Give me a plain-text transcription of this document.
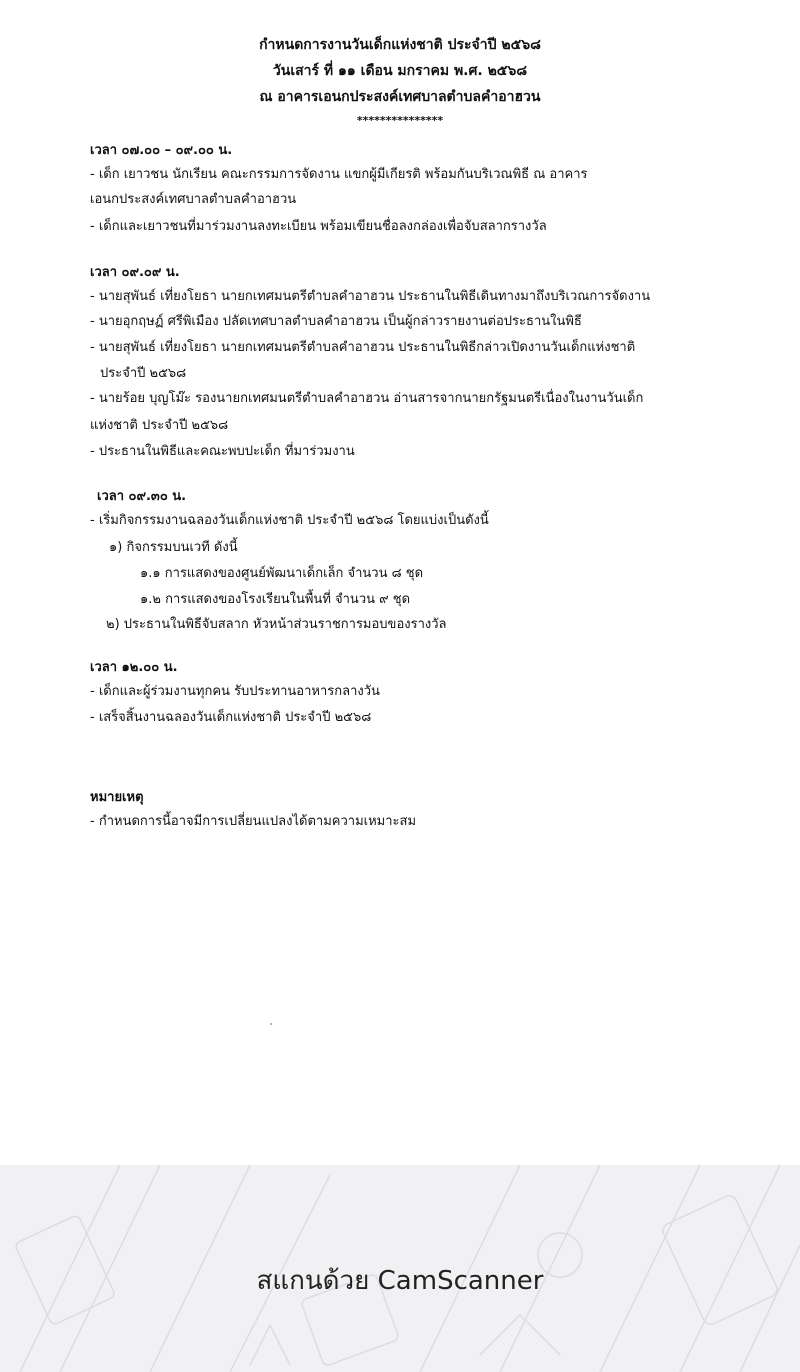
กำหนดการงานวันเด็กแห่งชาติ ประจำปี ๒๕๖๘
วันเสาร์ ที่ ๑๑ เดือน มกราคม พ.ศ. ๒๕๖๘
ณ อาคารเอนกประสงค์เทศบาลตำบลคำอาฮวน
***************
เวลา ๐๗.๐๐ – ๐๙.๐๐ น.
- เด็ก เยาวชน นักเรียน คณะกรรมการจัดงาน แขกผู้มีเกียรติ พร้อมกันบริเวณพิธี ณ อาคาร
เอนกประสงค์เทศบาลตำบลคำอาฮวน
- เด็กและเยาวชนที่มาร่วมงานลงทะเบียน พร้อมเขียนชื่อลงกล่องเพื่อจับสลากรางวัล
เวลา ๐๙.๐๙ น.
- นายสุพันธ์ เที่ยงโยธา นายกเทศมนตรีตำบลคำอาฮวน ประธานในพิธีเดินทางมาถึงบริเวณการจัดงาน
- นายอุกฤษฏ์ ศรีพิเมือง ปลัดเทศบาลตำบลคำอาฮวน เป็นผู้กล่าวรายงานต่อประธานในพิธี
- นายสุพันธ์ เที่ยงโยธา นายกเทศมนตรีตำบลคำอาฮวน ประธานในพิธีกล่าวเปิดงานวันเด็กแห่งชาติ
ประจำปี ๒๕๖๘
- นายร้อย บุญโม๊ะ รองนายกเทศมนตรีตำบลคำอาฮวน อ่านสารจากนายกรัฐมนตรีเนื่องในงานวันเด็ก
แห่งชาติ ประจำปี ๒๕๖๘
- ประธานในพิธีและคณะพบปะเด็ก ที่มาร่วมงาน
เวลา ๐๙.๓๐ น.
- เริ่มกิจกรรมงานฉลองวันเด็กแห่งชาติ ประจำปี ๒๕๖๘ โดยแบ่งเป็นดังนี้
๑) กิจกรรมบนเวที ดังนี้
๑.๑ การแสดงของศูนย์พัฒนาเด็กเล็ก จำนวน ๘ ชุด
๑.๒ การแสดงของโรงเรียนในพื้นที่ จำนวน ๙ ชุด
๒) ประธานในพิธีจับสลาก หัวหน้าส่วนราชการมอบของรางวัล
เวลา ๑๒.๐๐ น.
- เด็กและผู้ร่วมงานทุกคน รับประทานอาหารกลางวัน
- เสร็จสิ้นงานฉลองวันเด็กแห่งชาติ ประจำปี ๒๕๖๘
หมายเหตุ
- กำหนดการนี้อาจมีการเปลี่ยนแปลงได้ตามความเหมาะสม
สแกนด้วย CamScanner
